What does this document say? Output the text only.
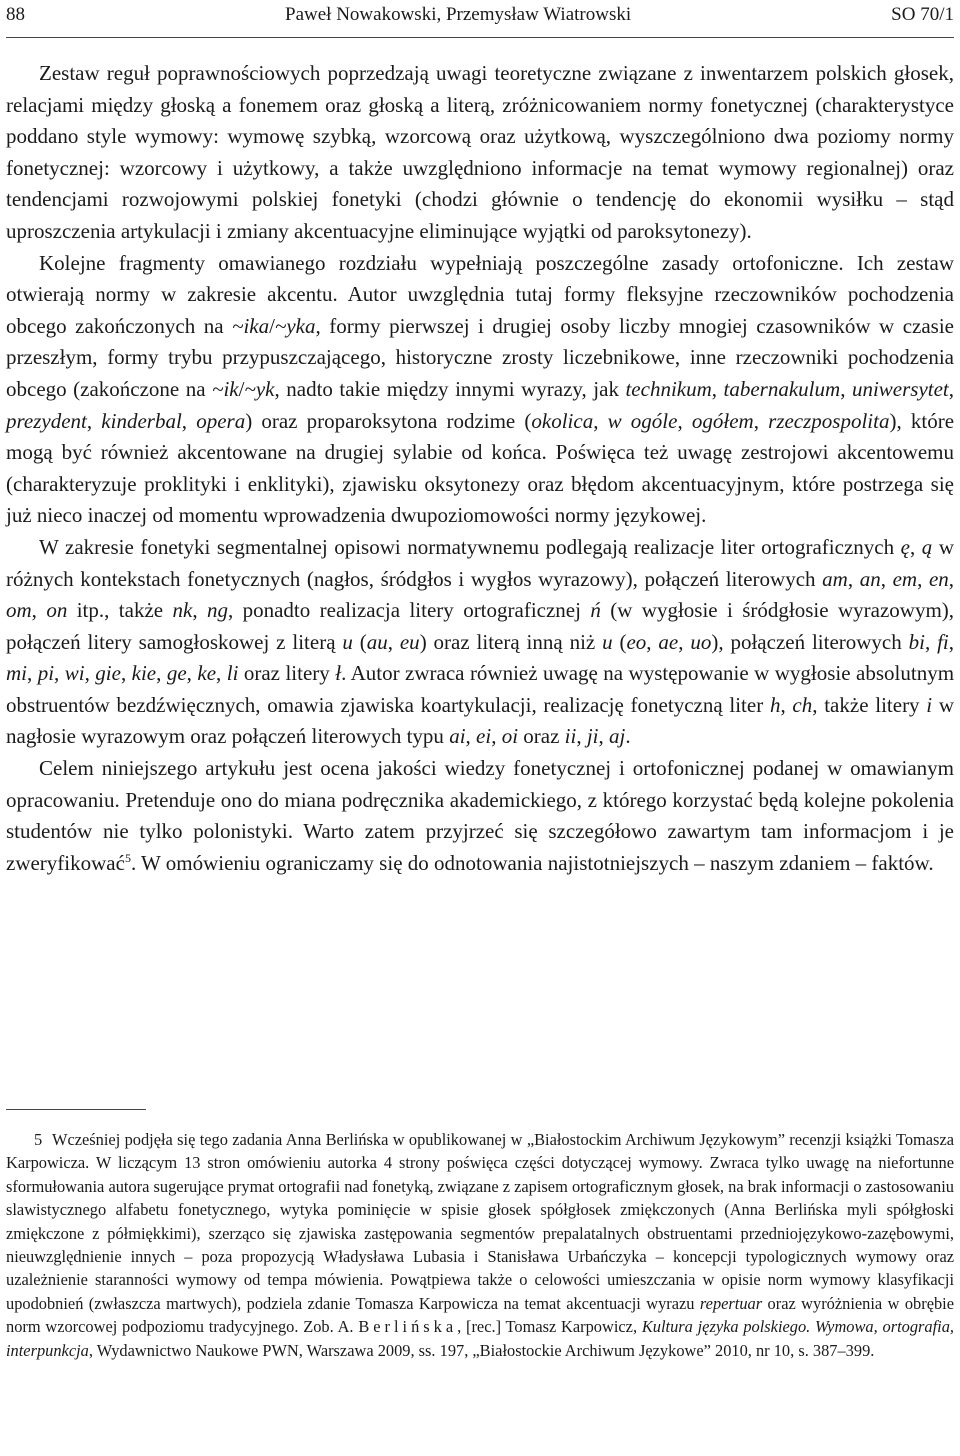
88	Paweł Nowakowski, Przemysław Wiatrowski	SO 70/1

Zestaw reguł poprawnościowych poprzedzają uwagi teoretyczne związane z inwentarzem polskich głosek, relacjami między głoską a fonemem oraz głoską a literą, zróżnicowaniem normy fonetycznej (charakterystyce poddano style wymowy: wymowę szybką, wzorcową oraz użytkową, wyszczególniono dwa poziomy normy fonetycznej: wzorcowy i użytkowy, a także uwzględniono informacje na temat wymowy regionalnej) oraz tendencjami rozwojowymi polskiej fonetyki (chodzi głównie o tendencję do ekonomii wysiłku – stąd uproszczenia artykulacji i zmiany akcentuacyjne eliminujące wyjątki od paroksytonezy).

Kolejne fragmenty omawianego rozdziału wypełniają poszczególne zasady ortofoniczne. Ich zestaw otwierają normy w zakresie akcentu. Autor uwzględnia tutaj formy fleksyjne rzeczowników pochodzenia obcego zakończonych na ~ika/~yka, formy pierwszej i drugiej osoby liczby mnogiej czasowników w czasie przeszłym, formy trybu przypuszczającego, historyczne zrosty liczebnikowe, inne rzeczowniki pochodzenia obcego (zakończone na ~ik/~yk, nadto takie między innymi wyrazy, jak technikum, tabernakulum, uniwersytet, prezydent, kinderbal, opera) oraz proparoksytona rodzime (okolica, w ogóle, ogółem, rzeczpospolita), które mogą być również akcentowane na drugiej sylabie od końca. Poświęca też uwagę zestrojowi akcentowemu (charakteryzuje proklityki i enklityki), zjawisku oksytonezy oraz błędom akcentuacyjnym, które postrzega się już nieco inaczej od momentu wprowadzenia dwupoziomowości normy językowej.

W zakresie fonetyki segmentalnej opisowi normatywnemu podlegają realizacje liter ortograficznych ę, ą w różnych kontekstach fonetycznych (nagłos, śródgłos i wygłos wyrazowy), połączeń literowych am, an, em, en, om, on itp., także nk, ng, ponadto realizacja litery ortograficznej ń (w wygłosie i śródgłosie wyrazowym), połączeń litery samogłoskowej z literą u (au, eu) oraz literą inną niż u (eo, ae, uo), połączeń literowych bi, fi, mi, pi, wi, gie, kie, ge, ke, li oraz litery ł. Autor zwraca również uwagę na występowanie w wygłosie absolutnym obstruentów bezdźwięcznych, omawia zjawiska koartykulacji, realizację fonetyczną liter h, ch, także litery i w nagłosie wyrazowym oraz połączeń literowych typu ai, ei, oi oraz ii, ji, aj.

Celem niniejszego artykułu jest ocena jakości wiedzy fonetycznej i ortofonicznej podanej w omawianym opracowaniu. Pretenduje ono do miana podręcznika akademickiego, z którego korzystać będą kolejne pokolenia studentów nie tylko polonistyki. Warto zatem przyjrzeć się szczegółowo zawartym tam informacjom i je zweryfikować$^5$. W omówieniu ograniczamy się do odnotowania najistotniejszych – naszym zdaniem – faktów.

5 Wcześniej podjęła się tego zadania Anna Berlińska w opublikowanej w „Białostockim Archiwum Językowym” recenzji książki Tomasza Karpowicza. W liczącym 13 stron omówieniu autorka 4 strony poświęca części dotyczącej wymowy. Zwraca tylko uwagę na niefortunne sformułowania autora sugerujące prymat ortografii nad fonetyką, związane z zapisem ortograficznym głosek, na brak informacji o zastosowaniu slawistycznego alfabetu fonetycznego, wytyka pominięcie w spisie głosek spółgłosek zmiękczonych (Anna Berlińska myli spółgłoski zmiękczone z półmiękkimi), szerząco się zjawiska zastępowania segmentów prepalatalnych obstruentami przedniojęzykowo-zazębowymi, nieuwzględnienie innych – poza propozycją Władysława Lubasia i Stanisława Urbańczyka – koncepcji typologicznych wymowy oraz uzależnienie staranności wymowy od tempa mówienia. Powątpiewa także o celowości umieszczania w opisie norm wymowy klasyfikacji upodobnień (zwłaszcza martwych), podziela zdanie Tomasza Karpowicza na temat akcentuacji wyrazu repertuar oraz wyróżnienia w obrębie norm wzorcowej podpoziomu tradycyjnego. Zob. A. Berlińska, [rec.] Tomasz Karpowicz, Kultura języka polskiego. Wymowa, ortografia, interpunkcja, Wydawnictwo Naukowe PWN, Warszawa 2009, ss. 197, „Białostockie Archiwum Językowe” 2010, nr 10, s. 387–399.
